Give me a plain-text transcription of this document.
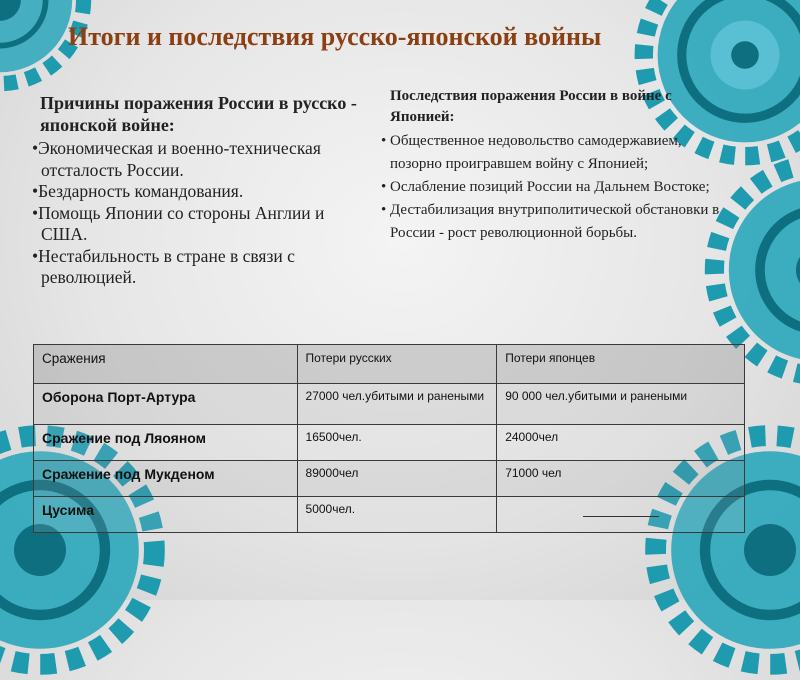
Итоги и последствия русско-японской войны
Причины поражения России в русско - японской войне:
•Экономическая и военно-техническая отсталость России.
•Бездарность командования.
•Помощь Японии со стороны Англии и США.
•Нестабильность в стране в связи с революцией.
Последствия поражения России в войне с Японией:
• Общественное недовольство самодержавием, позорно проигравшем войну с Японией;
• Ослабление позиций России на Дальнем Востоке;
• Дестабилизация внутриполитической обстановки в России - рост революционной борьбы.
Сражения	Потери русских	Потери японцев
Оборона Порт-Артура	27000 чел.убитыми и ранеными	90 000 чел.убитыми и ранеными
Сражение под Ляояном	16500чел.	24000чел
Сражение под Мукденом	89000чел	71000 чел
Цусима	5000чел.	
